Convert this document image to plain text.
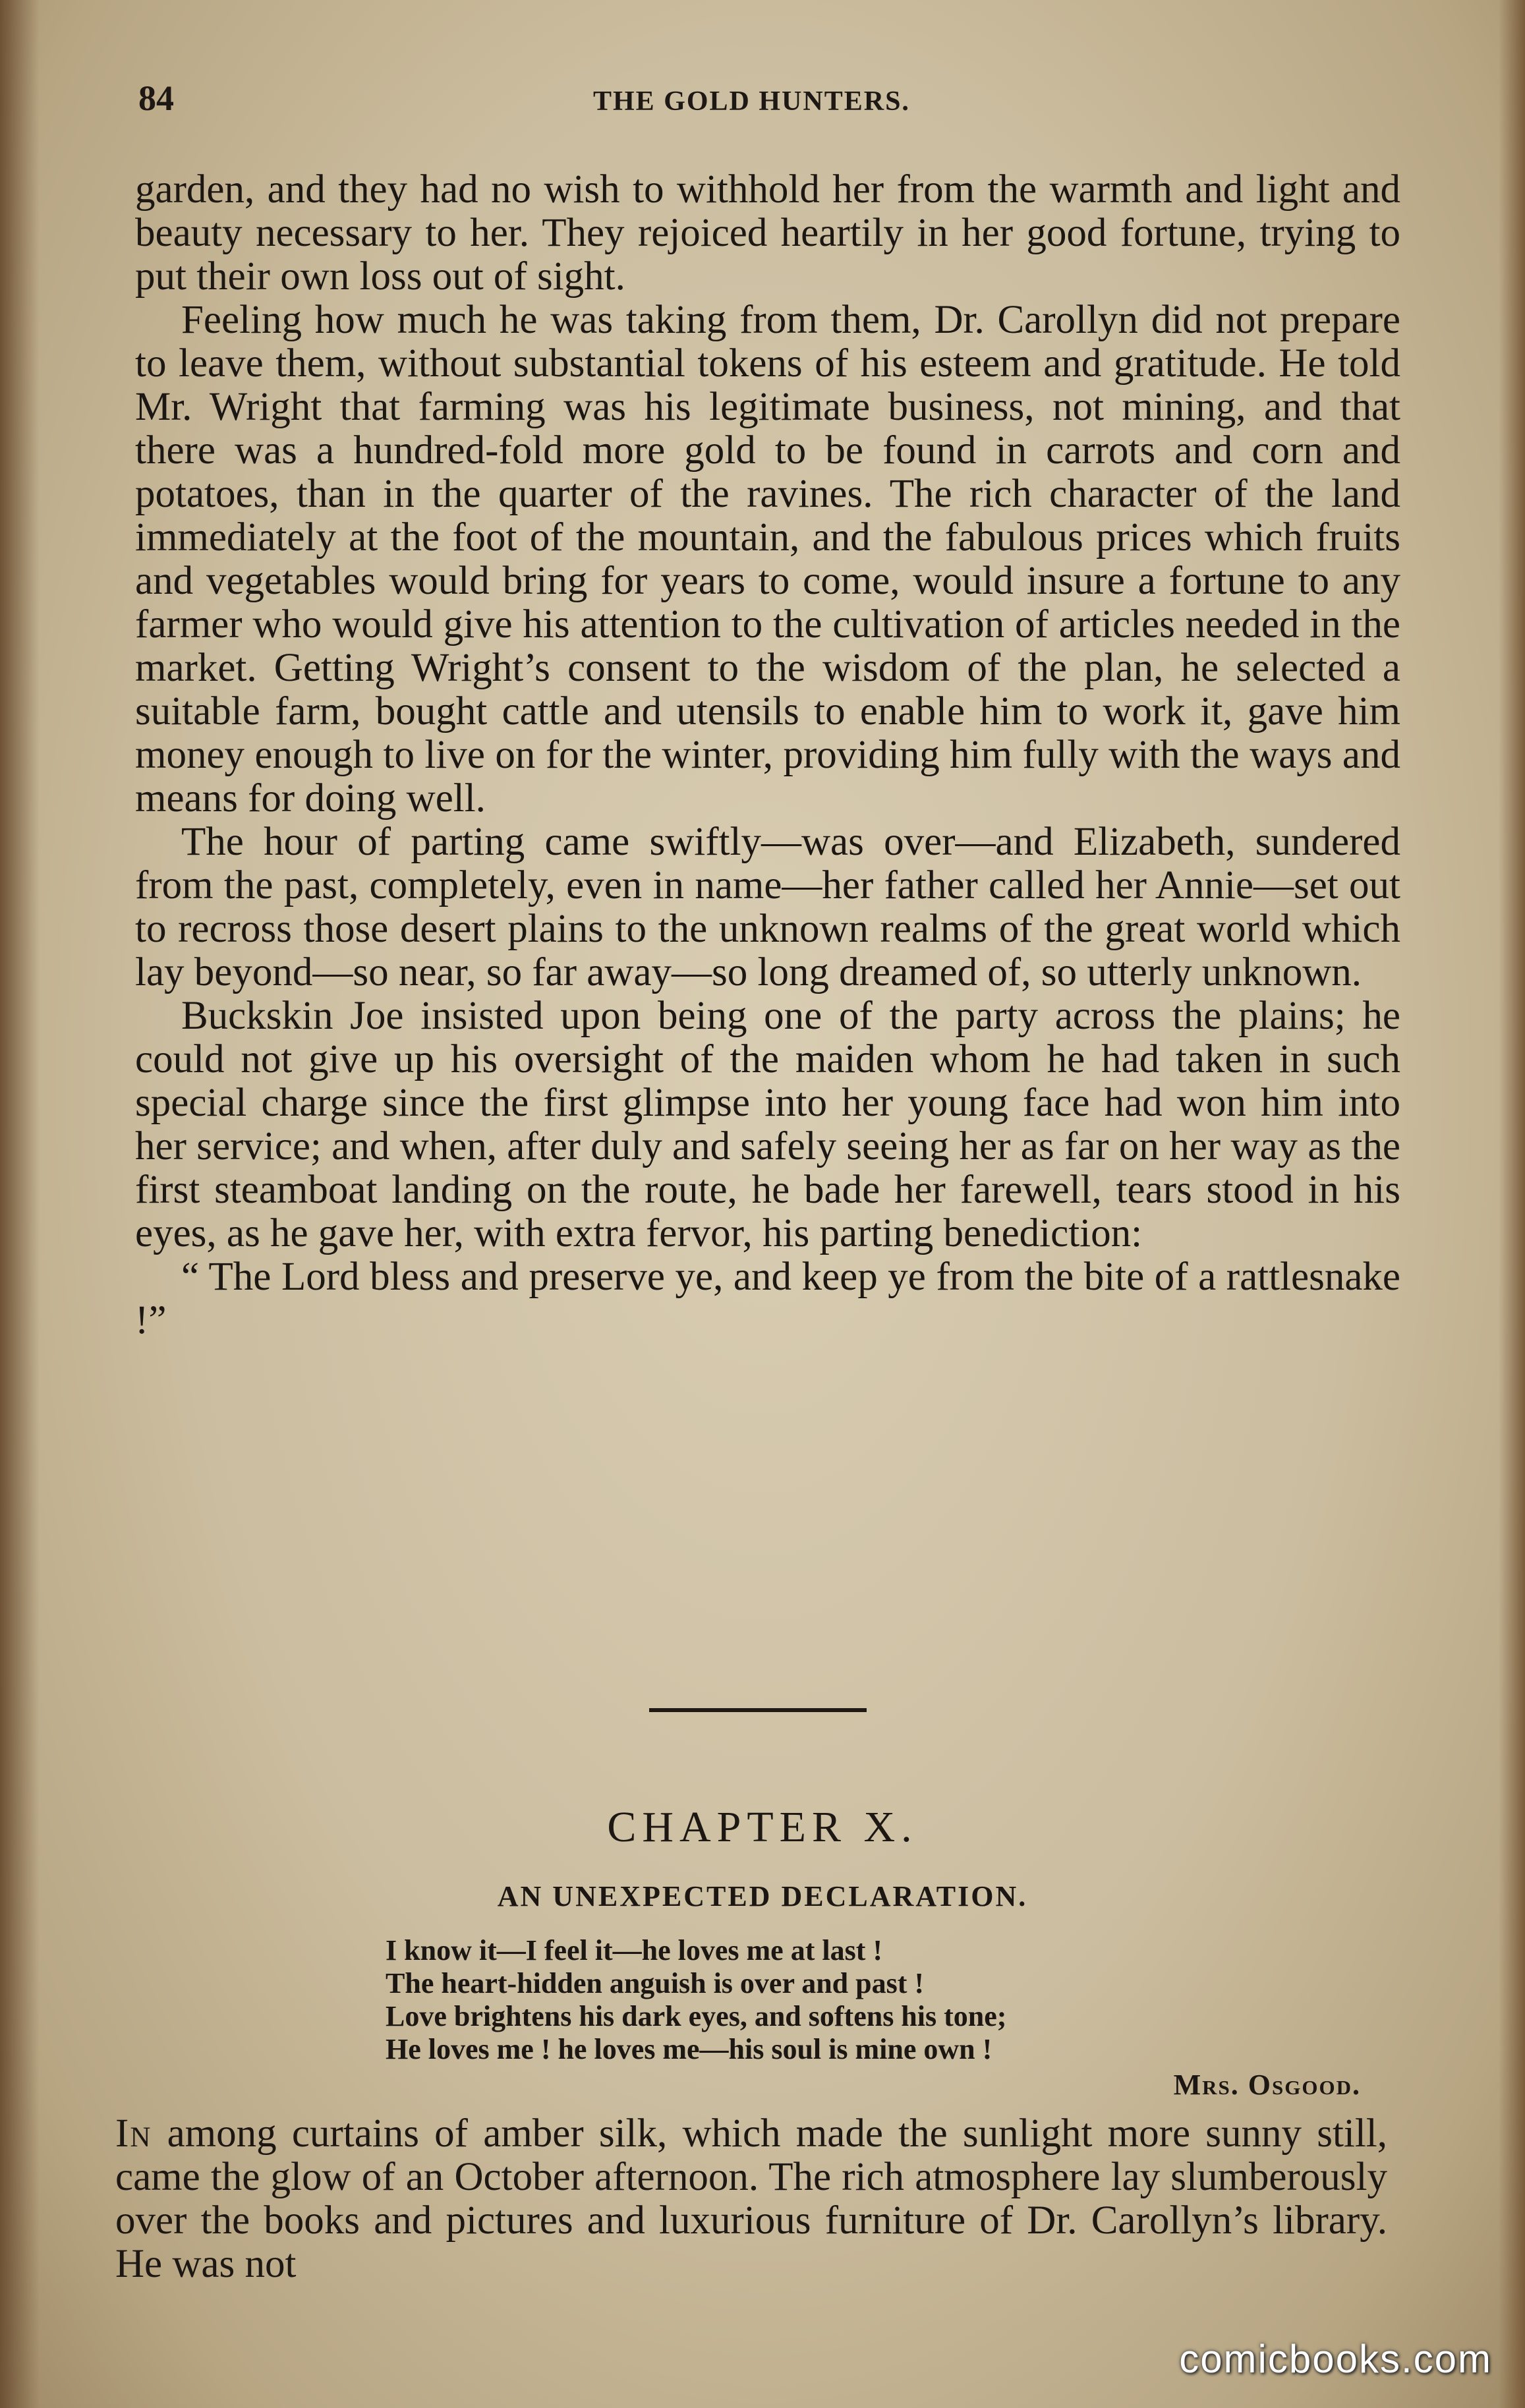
84	THE GOLD HUNTERS.

garden, and they had no wish to withhold her from the warmth and light and beauty necessary to her. They rejoiced heartily in her good fortune, trying to put their own loss out of sight.

Feeling how much he was taking from them, Dr. Carollyn did not prepare to leave them, without substantial tokens of his esteem and gratitude. He told Mr. Wright that farming was his legitimate business, not mining, and that there was a hundred-fold more gold to be found in carrots and corn and potatoes, than in the quarter of the ravines. The rich character of the land immediately at the foot of the mountain, and the fabulous prices which fruits and vegetables would bring for years to come, would insure a fortune to any farmer who would give his attention to the cultivation of articles needed in the market. Getting Wright’s consent to the wisdom of the plan, he selected a suitable farm, bought cattle and utensils to enable him to work it, gave him money enough to live on for the winter, providing him fully with the ways and means for doing well.

The hour of parting came swiftly—was over—and Elizabeth, sundered from the past, completely, even in name—her father called her Annie—set out to recross those desert plains to the unknown realms of the great world which lay beyond—so near, so far away—so long dreamed of, so utterly unknown.

Buckskin Joe insisted upon being one of the party across the plains; he could not give up his oversight of the maiden whom he had taken in such special charge since the first glimpse into her young face had won him into her service; and when, after duly and safely seeing her as far on her way as the first steamboat landing on the route, he bade her farewell, tears stood in his eyes, as he gave her, with extra fervor, his parting benediction:

“ The Lord bless and preserve ye, and keep ye from the bite of a rattlesnake !”

CHAPTER X.
AN UNEXPECTED DECLARATION.
I know it—I feel it—he loves me at last !
The heart-hidden anguish is over and past !
Love brightens his dark eyes, and softens his tone;
He loves me ! he loves me—his soul is mine own !
Mrs. Osgood.

In among curtains of amber silk, which made the sunlight more sunny still, came the glow of an October afternoon. The rich atmosphere lay slumberously over the books and pictures and luxurious furniture of Dr. Carollyn’s library. He was not

comicbooks.com
